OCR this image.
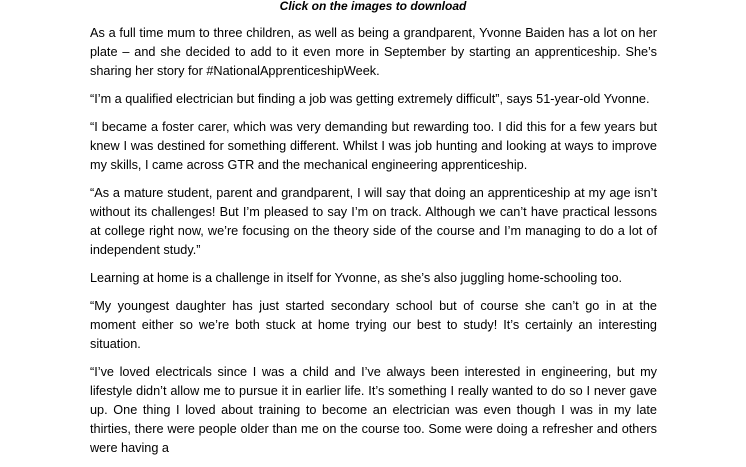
Click on the images to download

As a full time mum to three children, as well as being a grandparent, Yvonne Baiden has a lot on her plate – and she decided to add to it even more in September by starting an apprenticeship. She’s sharing her story for #NationalApprenticeshipWeek.

“I’m a qualified electrician but finding a job was getting extremely difficult”, says 51-year-old Yvonne.

“I became a foster carer, which was very demanding but rewarding too. I did this for a few years but knew I was destined for something different. Whilst I was job hunting and looking at ways to improve my skills, I came across GTR and the mechanical engineering apprenticeship.

“As a mature student, parent and grandparent, I will say that doing an apprenticeship at my age isn’t without its challenges! But I’m pleased to say I’m on track. Although we can’t have practical lessons at college right now, we’re focusing on the theory side of the course and I’m managing to do a lot of independent study.”

Learning at home is a challenge in itself for Yvonne, as she’s also juggling home-schooling too.

“My youngest daughter has just started secondary school but of course she can’t go in at the moment either so we’re both stuck at home trying our best to study! It’s certainly an interesting situation.

“I’ve loved electricals since I was a child and I’ve always been interested in engineering, but my lifestyle didn’t allow me to pursue it in earlier life. It’s something I really wanted to do so I never gave up. One thing I loved about training to become an electrician was even though I was in my late thirties, there were people older than me on the course too. Some were doing a refresher and others were having a
